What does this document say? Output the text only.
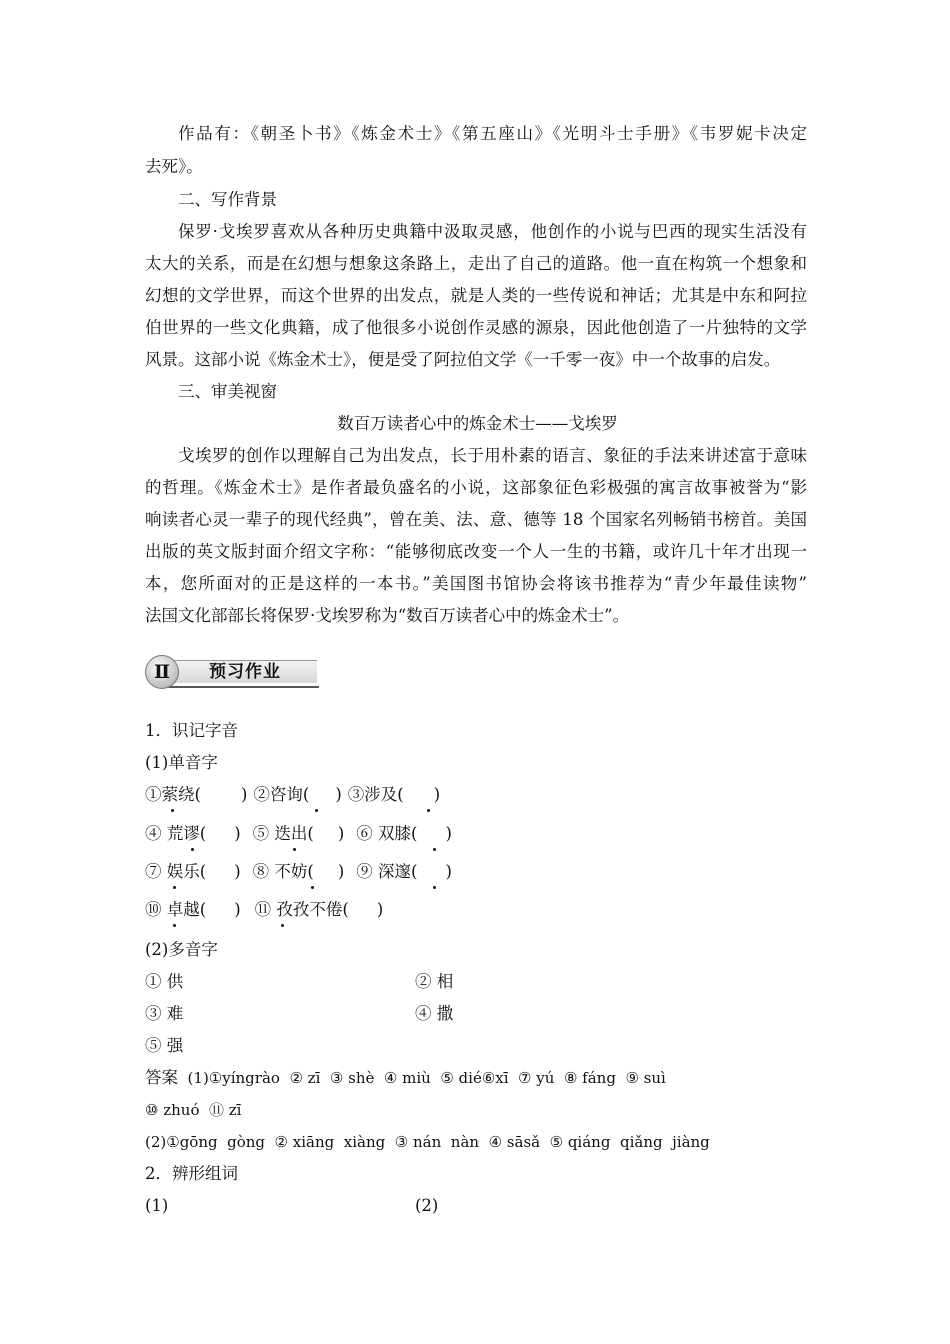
作品有：《朝圣卜书》《炼金术士》《第五座山》《光明斗士手册》《韦罗妮卡决定
去死》。
二、写作背景
保罗·戈埃罗喜欢从各种历史典籍中汲取灵感，他创作的小说与巴西的现实生活没有
太大的关系，而是在幻想与想象这条路上，走出了自己的道路。他一直在构筑一个想象和
幻想的文学世界，而这个世界的出发点，就是人类的一些传说和神话；尤其是中东和阿拉
伯世界的一些文化典籍，成了他很多小说创作灵感的源泉，因此他创造了一片独特的文学
风景。这部小说《炼金术士》，便是受了阿拉伯文学《一千零一夜》中一个故事的启发。
三、审美视窗
数百万读者心中的炼金术士——戈埃罗
戈埃罗的创作以理解自己为出发点，长于用朴素的语言、象征的手法来讲述富于意味
的哲理。《炼金术士》是作者最负盛名的小说，这部象征色彩极强的寓言故事被誉为“影
响读者心灵一辈子的现代经典”，曾在美、法、意、德等 18 个国家名列畅销书榜首。美国
出版的英文版封面介绍文字称：“能够彻底改变一个人一生的书籍，或许几十年才出现一
本，您所面对的正是这样的一本书。”美国图书馆协会将该书推荐为“青少年最佳读物”
法国文化部部长将保罗·戈埃罗称为“数百万读者心中的炼金术士”。
Ⅱ	预习作业
1．识记字音
(1)单音字
①萦绕( ) ②咨询( ) ③涉及( )
④ 荒谬( ) ⑤ 迭出( ) ⑥ 双膝( )
⑦ 娱乐( ) ⑧ 不妨( ) ⑨ 深邃( )
⑩ 卓越( ) ⑪ 孜孜不倦( )
(2)多音字
① 供	② 相
③ 难	④ 撒
⑤ 强
答案 (1)①yíngrào  ② zī  ③ shè  ④ miù  ⑤ dié⑥xī  ⑦ yú  ⑧ fáng  ⑨ suì
⑩ zhuó  ⑪ zī
(2)①gōng  gòng  ② xiāng  xiàng  ③ nán  nàn  ④ sāsǎ  ⑤ qiáng  qiǎng  jiàng
2．辨形组词
(1)	(2)
